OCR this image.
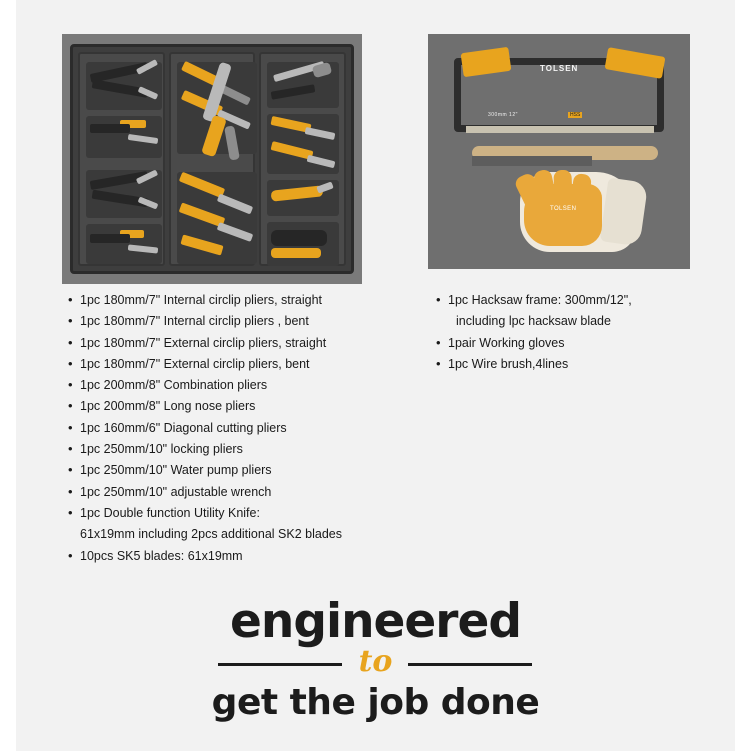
TOLSEN
300mm 12"	HSS
TOLSEN
• 1pc 180mm/7" Internal circlip pliers, straight
• 1pc 180mm/7" Internal circlip pliers , bent
• 1pc 180mm/7" External circlip pliers, straight
• 1pc 180mm/7" External circlip pliers, bent
• 1pc 200mm/8" Combination pliers
• 1pc 200mm/8" Long nose pliers
• 1pc 160mm/6" Diagonal cutting pliers
• 1pc 250mm/10" locking pliers
• 1pc 250mm/10" Water pump pliers
• 1pc 250mm/10" adjustable wrench
• 1pc Double function Utility Knife:
61x19mm including 2pcs additional SK2 blades
• 10pcs SK5 blades: 61x19mm
• 1pc Hacksaw frame: 300mm/12",
including lpc hacksaw blade
• 1pair Working gloves
• 1pc Wire brush,4lines
engineered
to
get the job done
